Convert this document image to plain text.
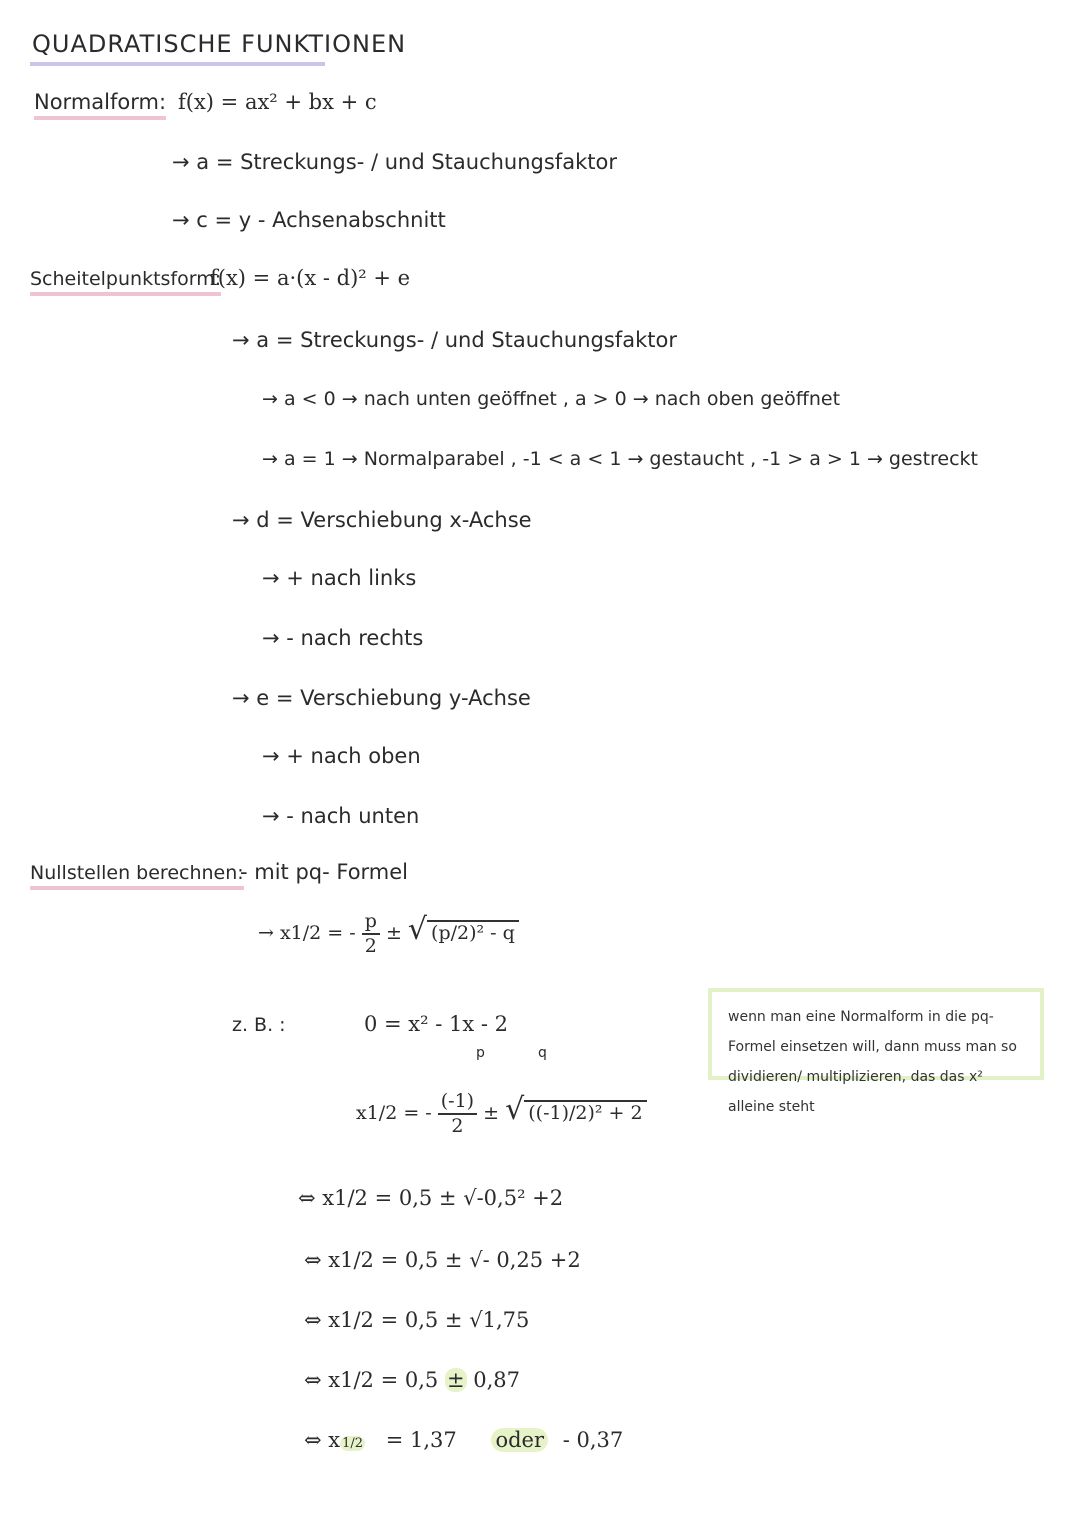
QUADRATISCHE FUNKTIONEN
Normalform: f(x) = ax² + bx + c
→ a = Streckungs- / und Stauchungsfaktor
→ c = y - Achsenabschnitt
Scheitelpunktsform:
f(x) = a·(x - d)² + e
→ a = Streckungs- / und Stauchungsfaktor
→ a < 0 → nach unten geöffnet , a > 0 → nach oben geöffnet
→ a = 1 → Normalparabel , -1 < a < 1 → gestaucht , -1 > a > 1 → gestreckt
→ d = Verschiebung x-Achse
→ + nach links
→ - nach rechts
→ e = Verschiebung y-Achse
→ + nach oben
→ - nach unten
Nullstellen berechnen:
- mit pq- Formel
→ x1/2 = - $\frac{p}{2}$ ± √ (p/2)² - q
z. B. :	0 = x² - 1x - 2
p	q
x1/2 = - $\frac{(-1)}{2}$ ± √ ((-1)/2)² + 2
⇔ x1/2 = 0,5 ± √-0,5² +2
⇔ x1/2 = 0,5 ± √- 0,25 +2
⇔ x1/2 = 0,5 ± √1,75
⇔ x1/2 = 0,5 ± 0,87
⇔ x 1/2 = 1,37 oder - 0,37
wenn man eine Normalform in die pq-Formel einsetzen will, dann muss man so dividieren/ multiplizieren, das das x² alleine steht
